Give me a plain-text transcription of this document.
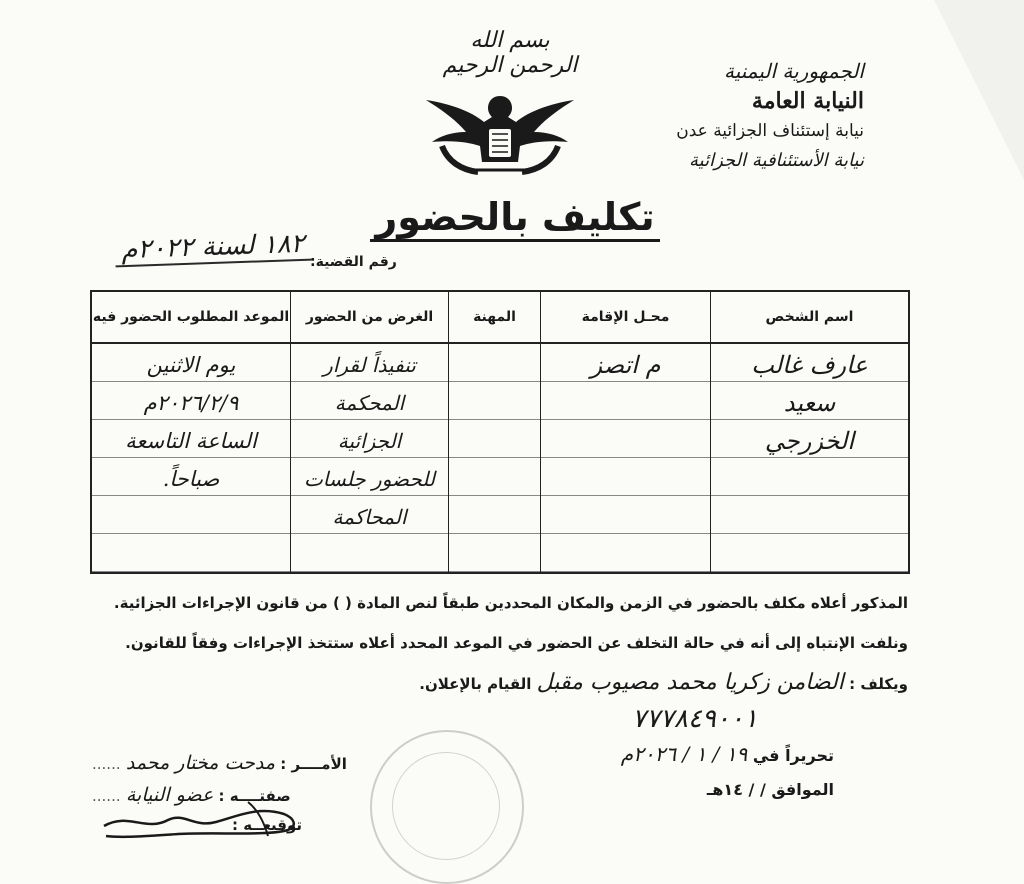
بسم الله الرحمن الرحيم	الجمهورية اليمنية
النيابة العامة
نيابة إستئناف الجزائية عدن
نيابة الأستئنافية الجزائية
تكليف بالحضور
رقم القضية:
١٨٢ لسنة ٢٠٢٢م
اسم الشخص
عارف غالب
سعيد
الخزرجي
محـل الإقامة
م اتصز
المهنة
الغرض من الحضور
تنفيذاً لقرار
المحكمة
الجزائية
للحضور جلسات
المحاكمة
الموعد المطلوب الحضور فيه
يوم الاثنين
٢٠٢٦/٢/٩م
الساعة التاسعة
صباحاً.
المذكور أعلاه مكلف بالحضور في الزمن والمكان المحددين طبقاً لنص المادة ( ) من قانون الإجراءات الجزائية.
ونلفت الإنتباه إلى أنه في حالة التخلف عن الحضور في الموعد المحدد أعلاه ستتخذ الإجراءات وفقاً للقانون.
ويكلف : الضامن زكريا محمد مصيوب مقبل القيام بالإعلان.
٧٧٧٨٤٩٠٠١
تحريراً في ١٩ / ١ / ٢٠٢٦م
الموافق / / ١٤هـ
الأمــــر : مدحت مختار محمد ......
صفتــــه : عضو النيابة ......
توقيعــه :
